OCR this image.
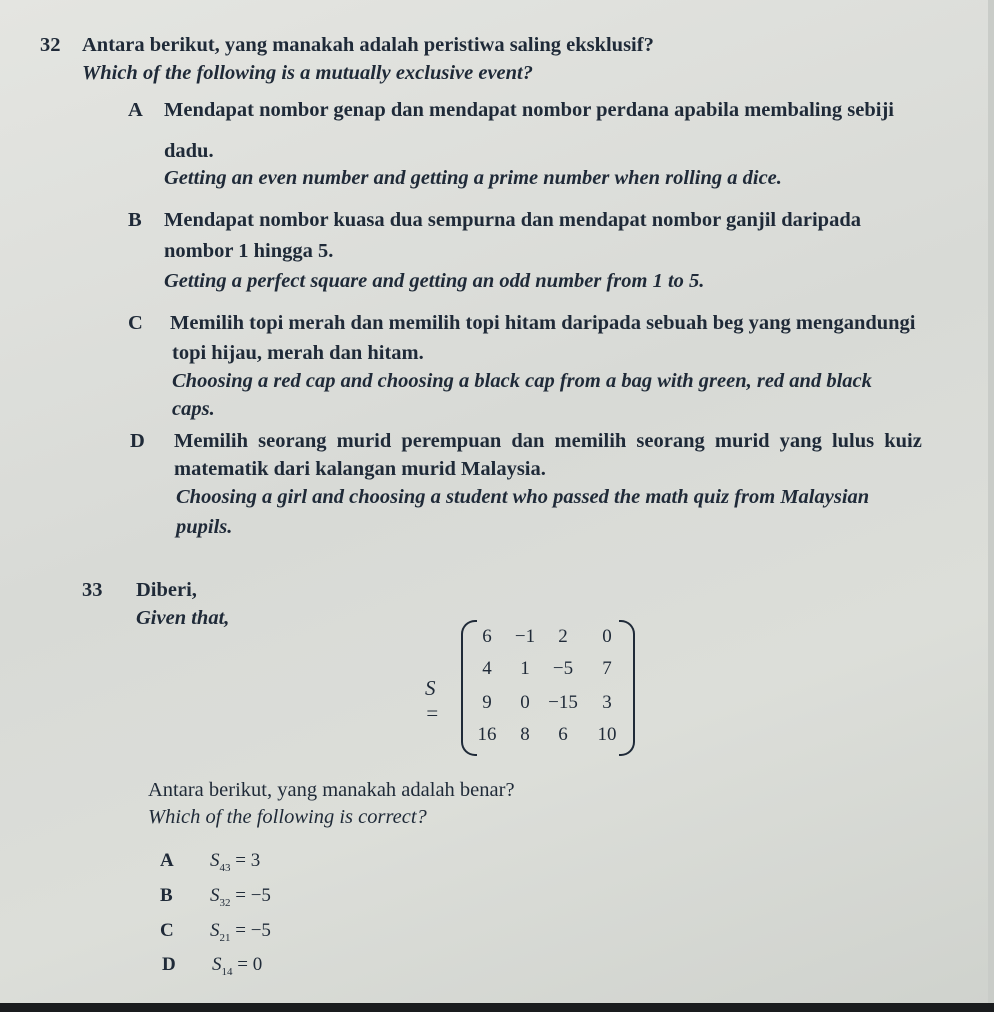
32 Antara berikut, yang manakah adalah peristiwa saling eksklusif?
Which of the following is a mutually exclusive event?
A Mendapat nombor genap dan mendapat nombor perdana apabila membaling sebiji
dadu.
Getting an even number and getting a prime number when rolling a dice.
B Mendapat nombor kuasa dua sempurna dan mendapat nombor ganjil daripada
nombor 1 hingga 5.
Getting a perfect square and getting an odd number from 1 to 5.
C Memilih topi merah dan memilih topi hitam daripada sebuah beg yang mengandungi
topi hijau, merah dan hitam.
Choosing a red cap and choosing a black cap from a bag with green, red and black
caps.
D Memilih seorang murid perempuan dan memilih seorang murid yang lulus kuiz
matematik dari kalangan murid Malaysia.
Choosing a girl and choosing a student who passed the math quiz from Malaysian
pupils.
33 Diberi,
Given that,
S =
6	−1	2	0
4	1	−5	7
9	0 −15	3
16	8	6	10
Antara berikut, yang manakah adalah benar?
Which of the following is correct?
A $S_{43} = 3$
B $S_{32} = -5$
C $S_{21} = -5$
D $S_{14} = 0$
